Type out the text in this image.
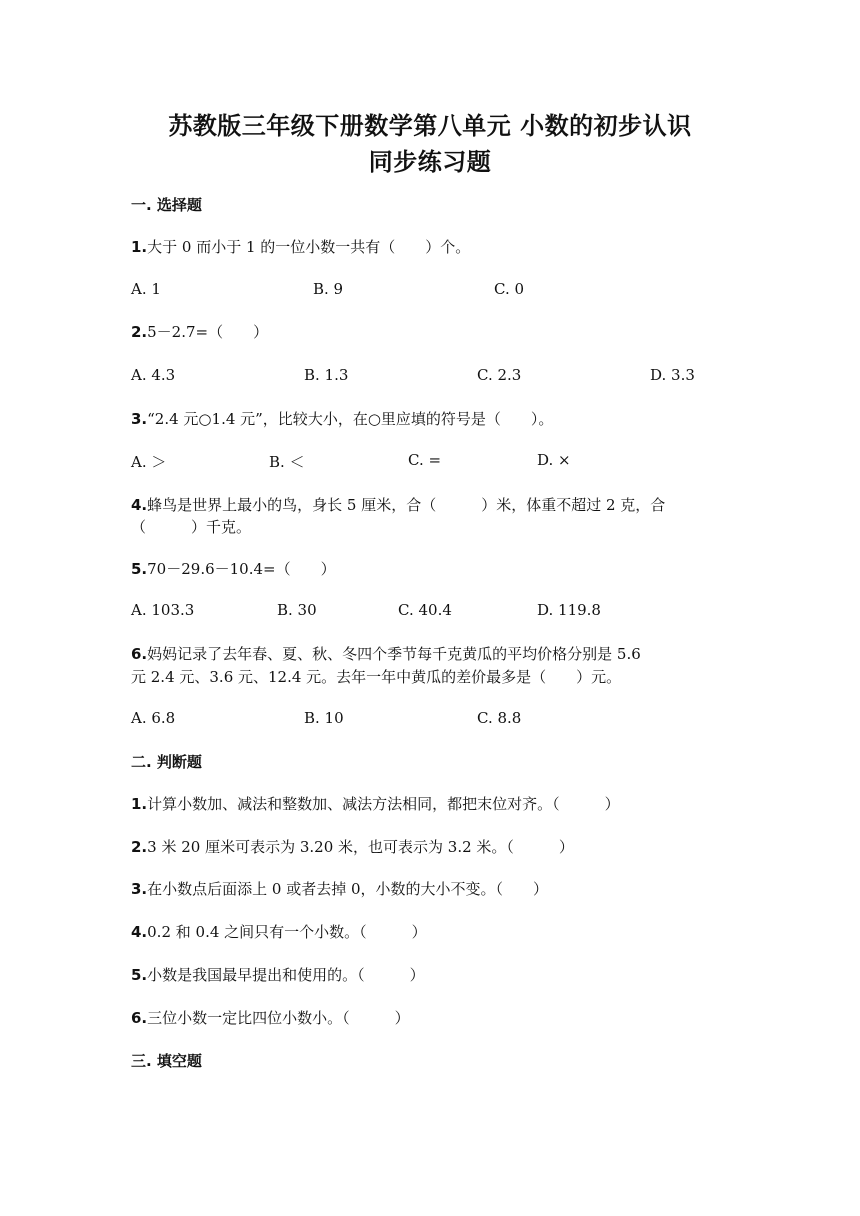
苏教版三年级下册数学第八单元 小数的初步认识
同步练习题
一. 选择题
1.大于 0 而小于 1 的一位小数一共有（　　）个。
A. 1	B. 9	C. 0
2.5－2.7=（　　）
A. 4.3	B. 1.3	C. 2.3	D. 3.3
3.“2.4 元○1.4 元”，比较大小，在○里应填的符号是（　　）。
A. ＞	B. ＜	C. =	D. ×
4.蜂鸟是世界上最小的鸟，身长 5 厘米，合（　　　）米，体重不超过 2 克，合
（　　　）千克。
5.70－29.6－10.4=（　　）
A. 103.3	B. 30	C. 40.4	D. 119.8
6.妈妈记录了去年春、夏、秋、冬四个季节每千克黄瓜的平均价格分别是 5.6
元 2.4 元、3.6 元、12.4 元。去年一年中黄瓜的差价最多是（　　）元。
A. 6.8	B. 10	C. 8.8
二. 判断题
1.计算小数加、减法和整数加、减法方法相同，都把末位对齐。（　　　）
2.3 米 20 厘米可表示为 3.20 米，也可表示为 3.2 米。（　　　）
3.在小数点后面添上 0 或者去掉 0，小数的大小不变。（　　）
4.0.2 和 0.4 之间只有一个小数。（　　　）
5.小数是我国最早提出和使用的。（　　　）
6.三位小数一定比四位小数小。（　　　）
三. 填空题
